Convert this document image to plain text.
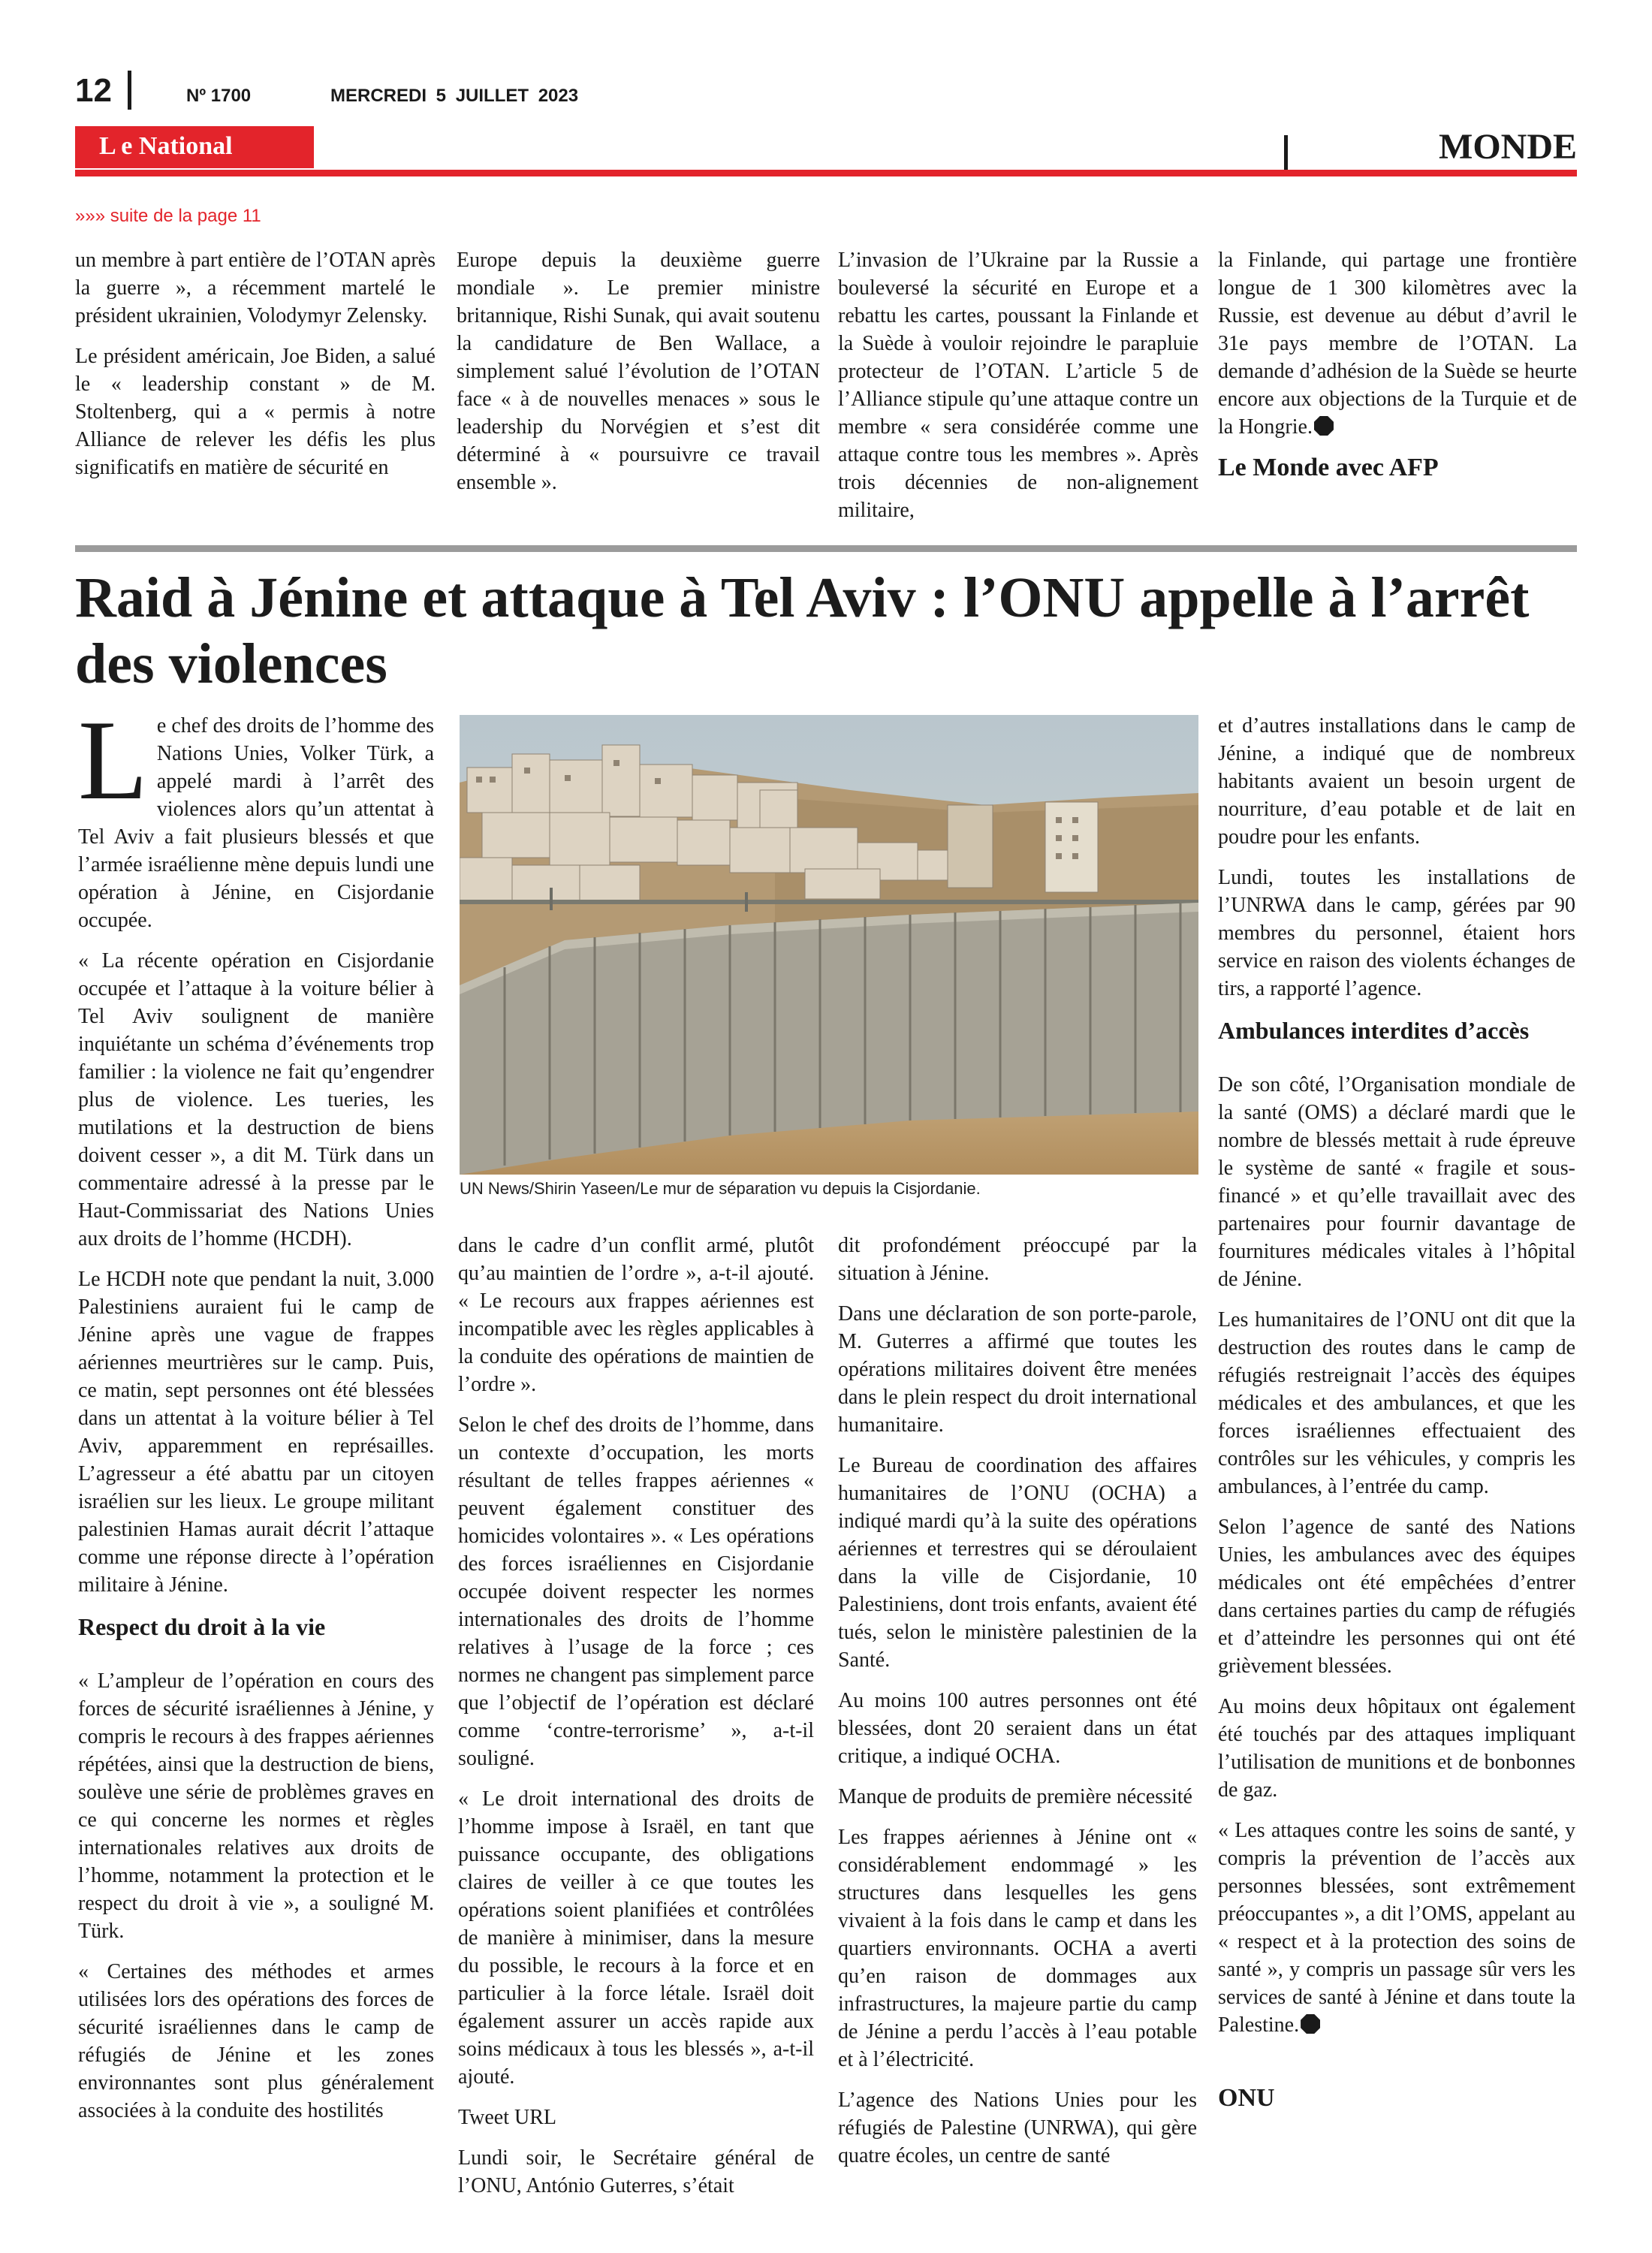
12	Nº 1700	MERCREDI 5 JUILLET 2023
L e National	MONDE
»»» suite de la page 11

un membre à part entière de l’OTAN après la guerre », a récemment martelé le président ukrainien, Volodymyr Zelensky.

Le président américain, Joe Biden, a salué le « leadership constant » de M. Stoltenberg, qui a « permis à notre Alliance de relever les défis les plus significatifs en matière de sécurité en

Europe depuis la deuxième guerre mondiale ». Le premier ministre britannique, Rishi Sunak, qui avait soutenu la candidature de Ben Wallace, a simplement salué l’évolution de l’OTAN face « à de nouvelles menaces » sous le leadership du Norvégien et s’est dit déterminé à « poursuivre ce travail ensemble ».

L’invasion de l’Ukraine par la Russie a bouleversé la sécurité en Europe et a rebattu les cartes, poussant la Finlande et la Suède à vouloir rejoindre le parapluie protecteur de l’OTAN. L’article 5 de l’Alliance stipule qu’une attaque contre un membre « sera considérée comme une attaque contre tous les membres ». Après trois décennies de non-alignement militaire,

la Finlande, qui partage une frontière longue de 1 300 kilomètres avec la Russie, est devenue au début d’avril le 31e pays membre de l’OTAN. La demande d’adhésion de la Suède se heurte encore aux objections de la Turquie et de la Hongrie.

Le Monde avec AFP
Raid à Jénine et attaque à Tel Aviv : l’ONU appelle à l’arrêt des violences

Le chef des droits de l’homme des Nations Unies, Volker Türk, a appelé mardi à l’arrêt des violences alors qu’un attentat à Tel Aviv a fait plusieurs blessés et que l’armée israélienne mène depuis lundi une opération à Jénine, en Cisjordanie occupée.

« La récente opération en Cisjordanie occupée et l’attaque à la voiture bélier à Tel Aviv soulignent de manière inquiétante un schéma d’événements trop familier : la violence ne fait qu’engendrer plus de violence. Les tueries, les mutilations et la destruction de biens doivent cesser », a dit M. Türk dans un commentaire adressé à la presse par le Haut-Commissariat des Nations Unies aux droits de l’homme (HCDH).

Le HCDH note que pendant la nuit, 3.000 Palestiniens auraient fui le camp de Jénine après une vague de frappes aériennes meurtrières sur le camp. Puis, ce matin, sept personnes ont été blessées dans un attentat à la voiture bélier à Tel Aviv, apparemment en représailles. L’agresseur a été abattu par un citoyen israélien sur les lieux. Le groupe militant palestinien Hamas aurait décrit l’attaque comme une réponse directe à l’opération militaire à Jénine.

Respect du droit à la vie

« L’ampleur de l’opération en cours des forces de sécurité israéliennes à Jénine, y compris le recours à des frappes aériennes répétées, ainsi que la destruction de biens, soulève une série de problèmes graves en ce qui concerne les normes et règles internationales relatives aux droits de l’homme, notamment la protection et le respect du droit à vie », a souligné M. Türk.

« Certaines des méthodes et armes utilisées lors des opérations des forces de sécurité israéliennes dans le camp de réfugiés de Jénine et les zones environnantes sont plus généralement associées à la conduite des hostilités

UN News/Shirin Yaseen/Le mur de séparation vu depuis la Cisjordanie.

dans le cadre d’un conflit armé, plutôt qu’au maintien de l’ordre », a-t-il ajouté. « Le recours aux frappes aériennes est incompatible avec les règles applicables à la conduite des opérations de maintien de l’ordre ».

Selon le chef des droits de l’homme, dans un contexte d’occupation, les morts résultant de telles frappes aériennes « peuvent également constituer des homicides volontaires ». « Les opérations des forces israéliennes en Cisjordanie occupée doivent respecter les normes internationales des droits de l’homme relatives à l’usage de la force ; ces normes ne changent pas simplement parce que l’objectif de l’opération est déclaré comme ‘contre-terrorisme’ », a-t-il souligné.

« Le droit international des droits de l’homme impose à Israël, en tant que puissance occupante, des obligations claires de veiller à ce que toutes les opérations soient planifiées et contrôlées de manière à minimiser, dans la mesure du possible, le recours à la force et en particulier à la force létale. Israël doit également assurer un accès rapide aux soins médicaux à tous les blessés », a-t-il ajouté.

Tweet URL

Lundi soir, le Secrétaire général de l’ONU, António Guterres, s’était

dit profondément préoccupé par la situation à Jénine.

Dans une déclaration de son porte-parole, M. Guterres a affirmé que toutes les opérations militaires doivent être menées dans le plein respect du droit international humanitaire.

Le Bureau de coordination des affaires humanitaires de l’ONU (OCHA) a indiqué mardi qu’à la suite des opérations aériennes et terrestres qui se déroulaient dans la ville de Cisjordanie, 10 Palestiniens, dont trois enfants, avaient été tués, selon le ministère palestinien de la Santé.

Au moins 100 autres personnes ont été blessées, dont 20 seraient dans un état critique, a indiqué OCHA.

Manque de produits de première nécessité

Les frappes aériennes à Jénine ont « considérablement endommagé » les structures dans lesquelles les gens vivaient à la fois dans le camp et dans les quartiers environnants. OCHA a averti qu’en raison de dommages aux infrastructures, la majeure partie du camp de Jénine a perdu l’accès à l’eau potable et à l’électricité.

L’agence des Nations Unies pour les réfugiés de Palestine (UNRWA), qui gère quatre écoles, un centre de santé

et d’autres installations dans le camp de Jénine, a indiqué que de nombreux habitants avaient un besoin urgent de nourriture, d’eau potable et de lait en poudre pour les enfants.

Lundi, toutes les installations de l’UNRWA dans le camp, gérées par 90 membres du personnel, étaient hors service en raison des violents échanges de tirs, a rapporté l’agence.

Ambulances interdites d’accès

De son côté, l’Organisation mondiale de la santé (OMS) a déclaré mardi que le nombre de blessés mettait à rude épreuve le système de santé « fragile et sous-financé » et qu’elle travaillait avec des partenaires pour fournir davantage de fournitures médicales vitales à l’hôpital de Jénine.

Les humanitaires de l’ONU ont dit que la destruction des routes dans le camp de réfugiés restreignait l’accès des équipes médicales et des ambulances, et que les forces israéliennes effectuaient des contrôles sur les véhicules, y compris les ambulances, à l’entrée du camp.

Selon l’agence de santé des Nations Unies, les ambulances avec des équipes médicales ont été empêchées d’entrer dans certaines parties du camp de réfugiés et d’atteindre les personnes qui ont été grièvement blessées.

Au moins deux hôpitaux ont également été touchés par des attaques impliquant l’utilisation de munitions et de bonbonnes de gaz.

« Les attaques contre les soins de santé, y compris la prévention de l’accès aux personnes blessées, sont extrêmement préoccupantes », a dit l’OMS, appelant au « respect et à la protection des soins de santé », y compris un passage sûr vers les services de santé à Jénine et dans toute la Palestine.

ONU
